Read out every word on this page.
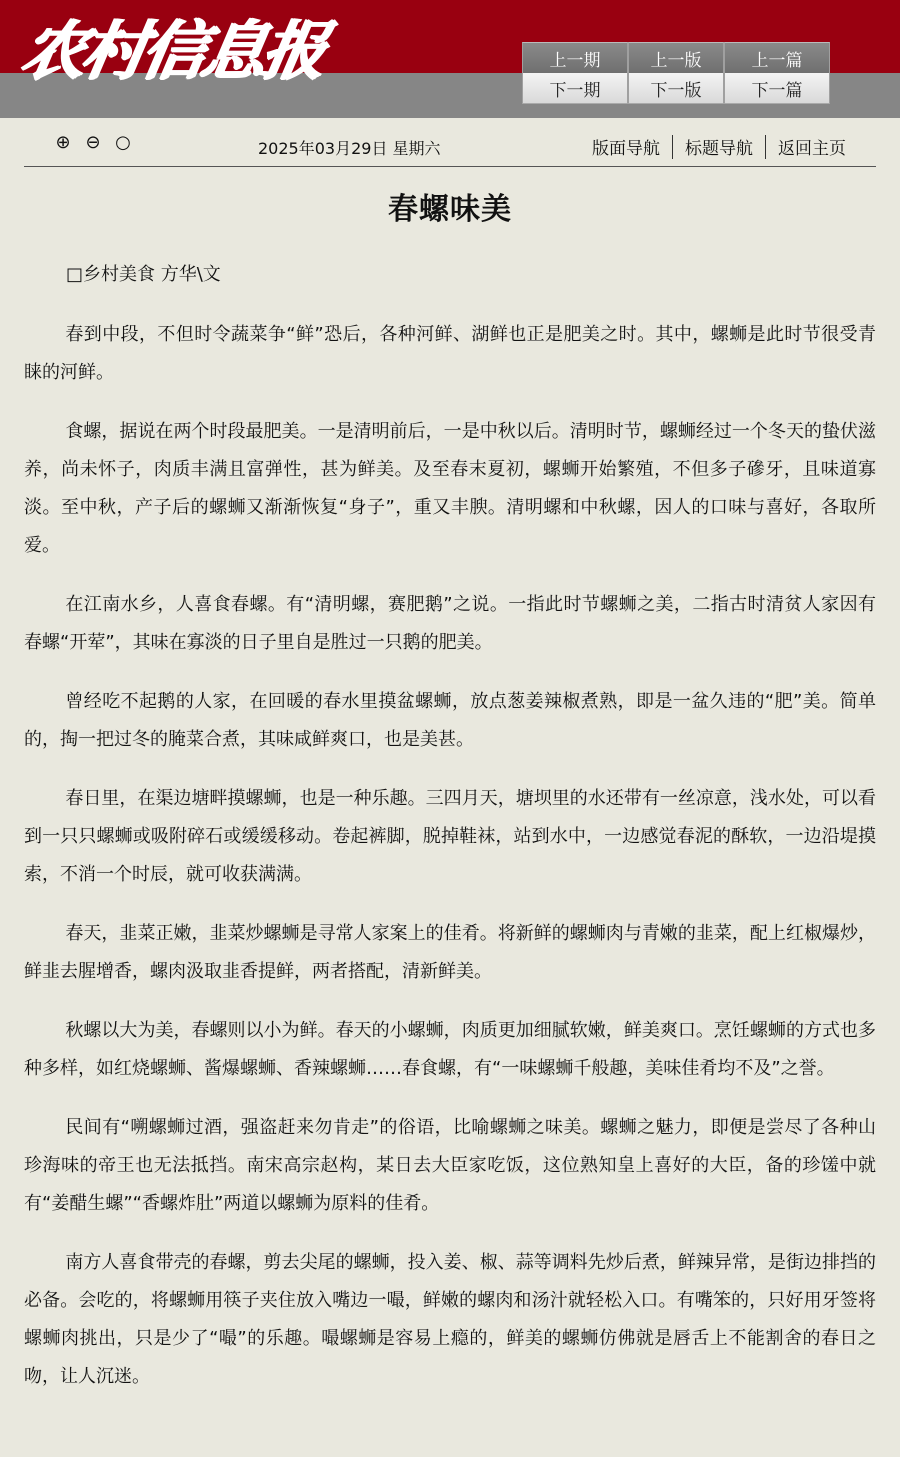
农村信息报	上一期	上一版	上一篇
下一期	下一版	下一篇
⊕ ⊖ ○	2025年03月29日 星期六	版面导航	标题导航	返回主页
春螺味美
□乡村美食 方华\文

春到中段，不但时令蔬菜争“鲜”恐后，各种河鲜、湖鲜也正是肥美之时。其中，螺蛳是此时节很受青睐的河鲜。

食螺，据说在两个时段最肥美。一是清明前后，一是中秋以后。清明时节，螺蛳经过一个冬天的蛰伏滋养，尚未怀子，肉质丰满且富弹性，甚为鲜美。及至春末夏初，螺蛳开始繁殖，不但多子磣牙，且味道寡淡。至中秋，产子后的螺蛳又渐渐恢复“身子”，重又丰腴。清明螺和中秋螺，因人的口味与喜好，各取所爱。

在江南水乡，人喜食春螺。有“清明螺，赛肥鹅”之说。一指此时节螺蛳之美，二指古时清贫人家因有春螺“开荤”，其味在寡淡的日子里自是胜过一只鹅的肥美。

曾经吃不起鹅的人家，在回暖的春水里摸盆螺蛳，放点葱姜辣椒煮熟，即是一盆久违的“肥”美。简单的，掏一把过冬的腌菜合煮，其味咸鲜爽口，也是美甚。

春日里，在渠边塘畔摸螺蛳，也是一种乐趣。三四月天，塘坝里的水还带有一丝凉意，浅水处，可以看到一只只螺蛳或吸附碎石或缓缓移动。卷起裤脚，脱掉鞋袜，站到水中，一边感觉春泥的酥软，一边沿堤摸索，不消一个时辰，就可收获满满。

春天，韭菜正嫩，韭菜炒螺蛳是寻常人家案上的佳肴。将新鲜的螺蛳肉与青嫩的韭菜，配上红椒爆炒，鲜韭去腥增香，螺肉汲取韭香提鲜，两者搭配，清新鲜美。

秋螺以大为美，春螺则以小为鲜。春天的小螺蛳，肉质更加细腻软嫩，鲜美爽口。烹饪螺蛳的方式也多种多样，如红烧螺蛳、酱爆螺蛳、香辣螺蛳……春食螺，有“一味螺蛳千般趣，美味佳肴均不及”之誉。

民间有“嗍螺蛳过酒，强盗赶来勿肯走”的俗语，比喻螺蛳之味美。螺蛳之魅力，即便是尝尽了各种山珍海味的帝王也无法抵挡。南宋高宗赵构，某日去大臣家吃饭，这位熟知皇上喜好的大臣，备的珍馐中就有“姜醋生螺”“香螺炸肚”两道以螺蛳为原料的佳肴。

南方人喜食带壳的春螺，剪去尖尾的螺蛳，投入姜、椒、蒜等调料先炒后煮，鲜辣异常，是街边排挡的必备。会吃的，将螺蛳用筷子夹住放入嘴边一嘬，鲜嫩的螺肉和汤汁就轻松入口。有嘴笨的，只好用牙签将螺蛳肉挑出，只是少了“嘬”的乐趣。嘬螺蛳是容易上瘾的，鲜美的螺蛳仿佛就是唇舌上不能割舍的春日之吻，让人沉迷。
